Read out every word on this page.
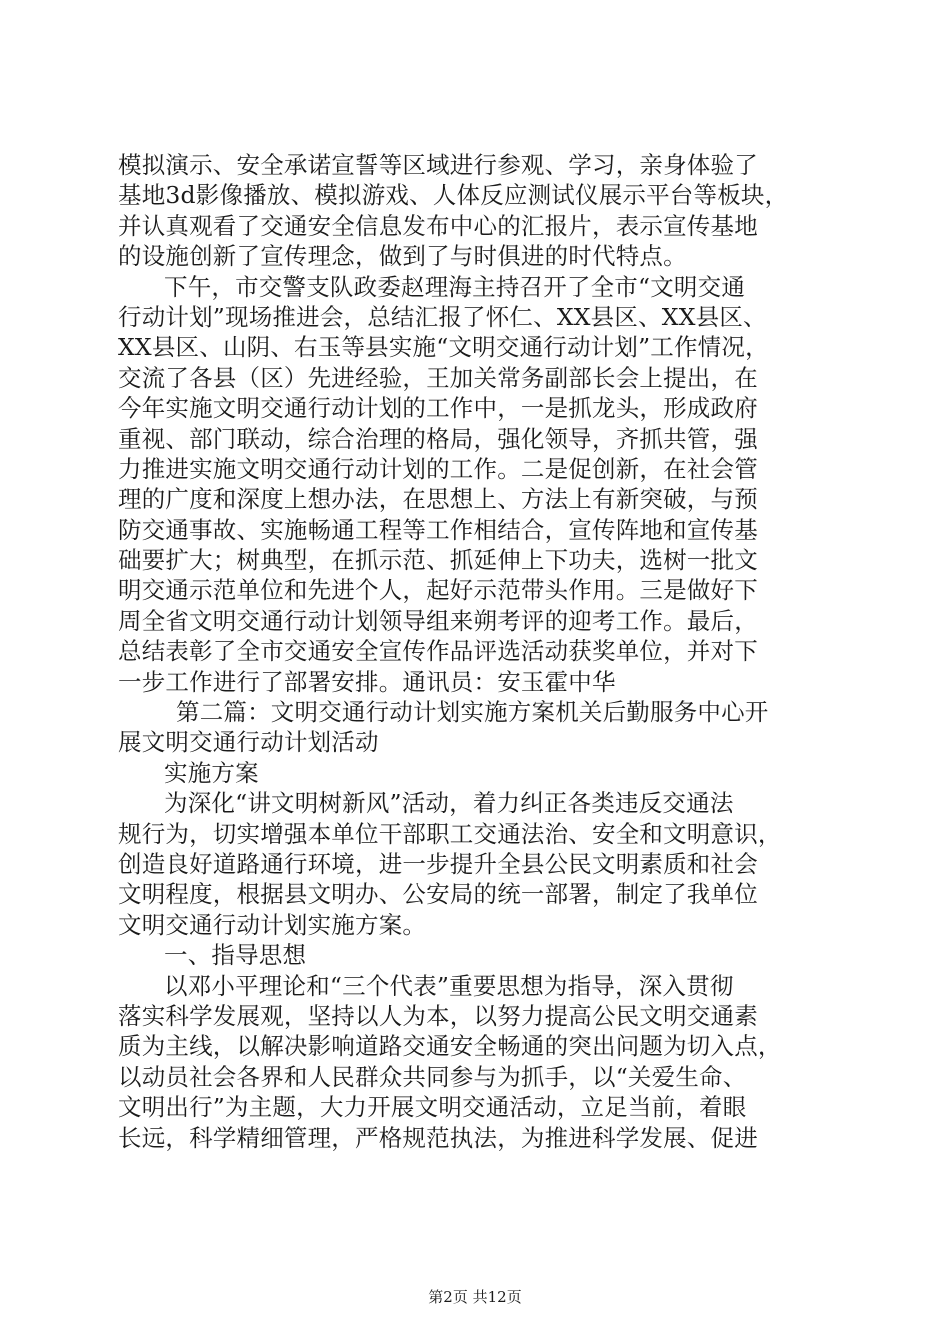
模拟演示、安全承诺宣誓等区域进行参观、学习，亲身体验了
基地3d影像播放、模拟游戏、人体反应测试仪展示平台等板块，
并认真观看了交通安全信息发布中心的汇报片，表示宣传基地
的设施创新了宣传理念，做到了与时俱进的时代特点。
下午，市交警支队政委赵理海主持召开了全市“文明交通
行动计划”现场推进会，总结汇报了怀仁、XX县区、XX县区、
XX县区、山阴、右玉等县实施“文明交通行动计划”工作情况，
交流了各县（区）先进经验，王加关常务副部长会上提出，在
今年实施文明交通行动计划的工作中，一是抓龙头，形成政府
重视、部门联动，综合治理的格局，强化领导，齐抓共管，强
力推进实施文明交通行动计划的工作。二是促创新，在社会管
理的广度和深度上想办法，在思想上、方法上有新突破，与预
防交通事故、实施畅通工程等工作相结合，宣传阵地和宣传基
础要扩大；树典型，在抓示范、抓延伸上下功夫，选树一批文
明交通示范单位和先进个人，起好示范带头作用。三是做好下
周全省文明交通行动计划领导组来朔考评的迎考工作。最后，
总结表彰了全市交通安全宣传作品评选活动获奖单位，并对下
一步工作进行了部署安排。通讯员：安玉霍中华
第二篇：文明交通行动计划实施方案机关后勤服务中心开
展文明交通行动计划活动
实施方案
为深化“讲文明树新风”活动，着力纠正各类违反交通法
规行为，切实增强本单位干部职工交通法治、安全和文明意识，
创造良好道路通行环境，进一步提升全县公民文明素质和社会
文明程度，根据县文明办、公安局的统一部署，制定了我单位
文明交通行动计划实施方案。
一、指导思想
以邓小平理论和“三个代表”重要思想为指导，深入贯彻
落实科学发展观，坚持以人为本，以努力提高公民文明交通素
质为主线，以解决影响道路交通安全畅通的突出问题为切入点，
以动员社会各界和人民群众共同参与为抓手，以“关爱生命、
文明出行”为主题，大力开展文明交通活动，立足当前，着眼
长远，科学精细管理，严格规范执法，为推进科学发展、促进
第2页 共12页
